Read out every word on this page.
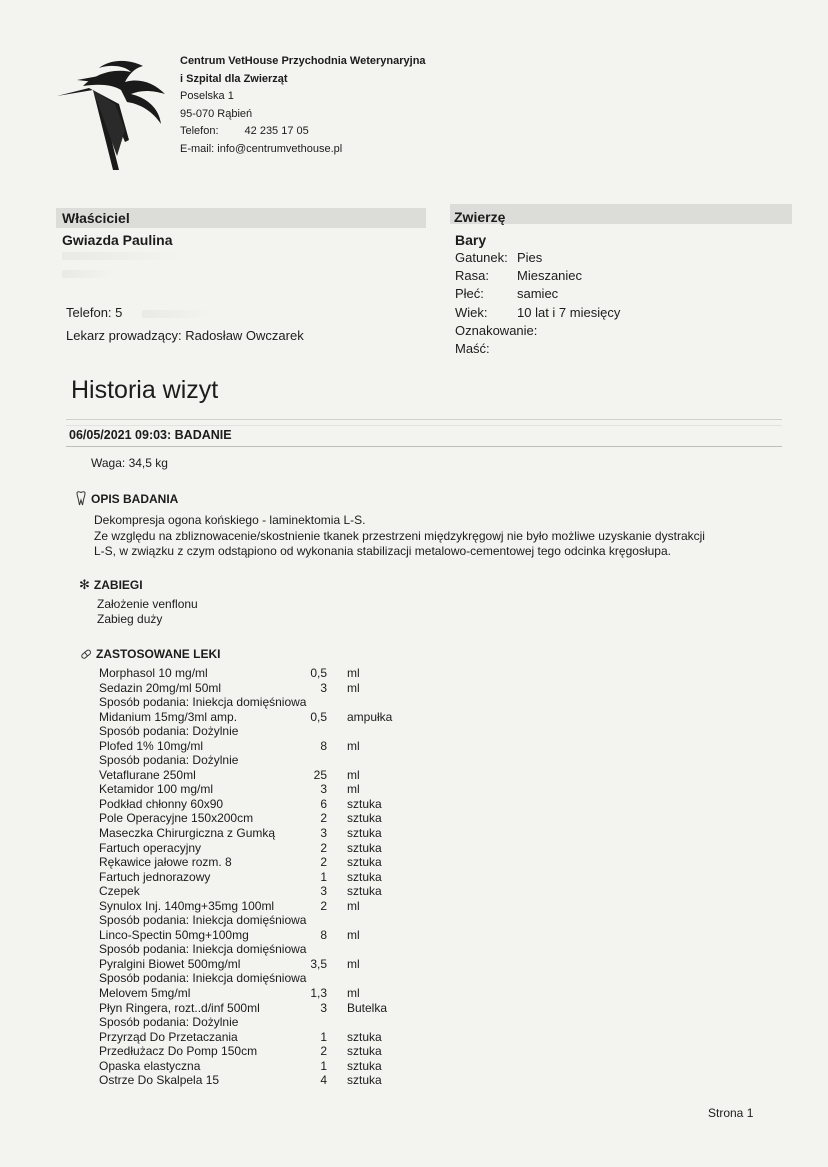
Centrum VetHouse Przychodnia Weterynaryjna
i Szpital dla Zwierząt
Poselska 1
95-070 Rąbień
Telefon: 42 235 17 05
E-mail: info@centrumvethouse.pl
Właściciel
Gwiazda Paulina
Telefon: 5
Lekarz prowadzący: Radosław Owczarek
Zwierzę
Bary
Gatunek: Pies
Rasa:	Mieszaniec
Płeć:	samiec
Wiek:	10 lat i 7 miesięcy
Oznakowanie:
Maść:
Historia wizyt
06/05/2021 09:03: BADANIE
Waga: 34,5 kg
OPIS BADANIA
Dekompresja ogona końskiego - laminektomia L-S.
Ze względu na zbliznowacenie/skostnienie tkanek przestrzeni międzykręgowj nie było możliwe uzyskanie dystrakcji
L-S, w związku z czym odstąpiono od wykonania stabilizacji metalowo-cementowej tego odcinka kręgosłupa.
✻ ZABIEGI
Założenie venflonu
Zabieg duży
ZASTOSOWANE LEKI
Morphasol 10 mg/ml	0,5 ml
Sedazin 20mg/ml 50ml	3 ml
Sposób podania: Iniekcja domięśniowa
Midanium 15mg/3ml amp.	0,5 ampułka
Sposób podania: Dożylnie
Plofed 1% 10mg/ml	8 ml
Sposób podania: Dożylnie
Vetaflurane 250ml	25 ml
Ketamidor 100 mg/ml	3 ml
Podkład chłonny 60x90	6 sztuka
Pole Operacyjne 150x200cm	2 sztuka
Maseczka Chirurgiczna z Gumką	3 sztuka
Fartuch operacyjny	2 sztuka
Rękawice jałowe rozm. 8	2 sztuka
Fartuch jednorazowy	1 sztuka
Czepek	3 sztuka
Synulox Inj. 140mg+35mg 100ml	2 ml
Sposób podania: Iniekcja domięśniowa
Linco-Spectin 50mg+100mg	8 ml
Sposób podania: Iniekcja domięśniowa
Pyralgini Biowet 500mg/ml	3,5 ml
Sposób podania: Iniekcja domięśniowa
Melovem 5mg/ml	1,3 ml
Płyn Ringera, rozt..d/inf 500ml	3 Butelka
Sposób podania: Dożylnie
Przyrząd Do Przetaczania	1 sztuka
Przedłużacz Do Pomp 150cm	2 sztuka
Opaska elastyczna	1 sztuka
Ostrze Do Skalpela 15	4 sztuka
Strona 1
